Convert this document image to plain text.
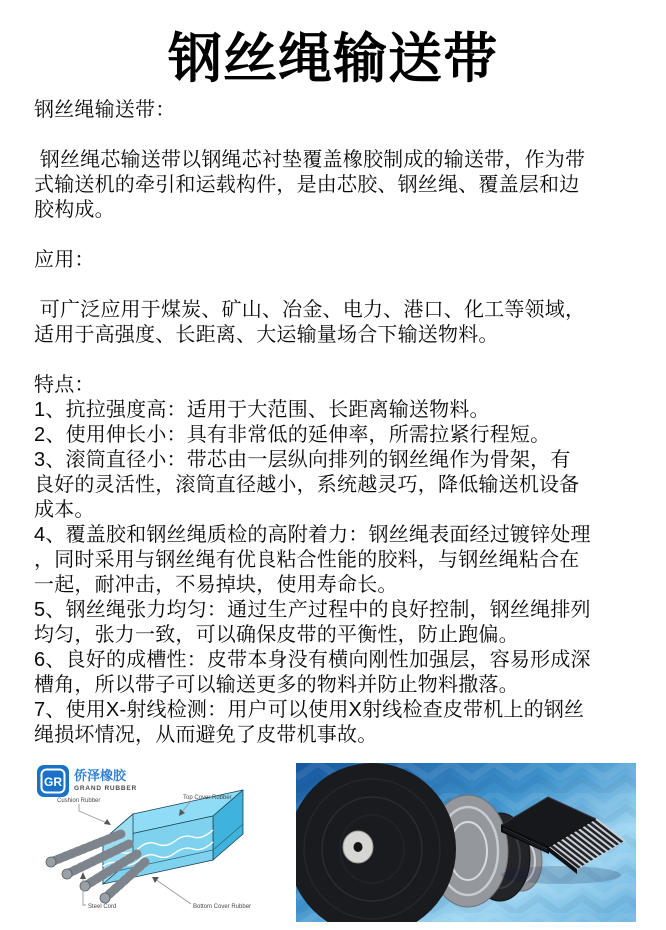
钢丝绳输送带
钢丝绳输送带：
钢丝绳芯输送带以钢绳芯衬垫覆盖橡胶制成的输送带，作为带
式输送机的牵引和运载构件，是由芯胶、钢丝绳、覆盖层和边
胶构成。
应用：
可广泛应用于煤炭、矿山、冶金、电力、港口、化工等领域，
适用于高强度、长距离、大运输量场合下输送物料。
特点：
1、抗拉强度高：适用于大范围、长距离输送物料。
2、使用伸长小：具有非常低的延伸率，所需拉紧行程短。
3、滚筒直径小：带芯由一层纵向排列的钢丝绳作为骨架，有
良好的灵活性，滚筒直径越小，系统越灵巧，降低输送机设备
成本。
4、覆盖胶和钢丝绳质检的高附着力：钢丝绳表面经过镀锌处理
，同时采用与钢丝绳有优良粘合性能的胶料，与钢丝绳粘合在
一起，耐冲击，不易掉块，使用寿命长。
5、钢丝绳张力均匀：通过生产过程中的良好控制，钢丝绳排列
均匀，张力一致，可以确保皮带的平衡性，防止跑偏。
6、良好的成槽性：皮带本身没有横向刚性加强层，容易形成深
槽角，所以带子可以输送更多的物料并防止物料撒落。
7、使用X-射线检测：用户可以使用X射线检查皮带机上的钢丝
绳损坏情况，从而避免了皮带机事故。
GR 侨泽橡胶
GRAND RUBBER
Cushion Rubber	Top Cover Rubber
Steel Cord	Bottom Cover Rubber
